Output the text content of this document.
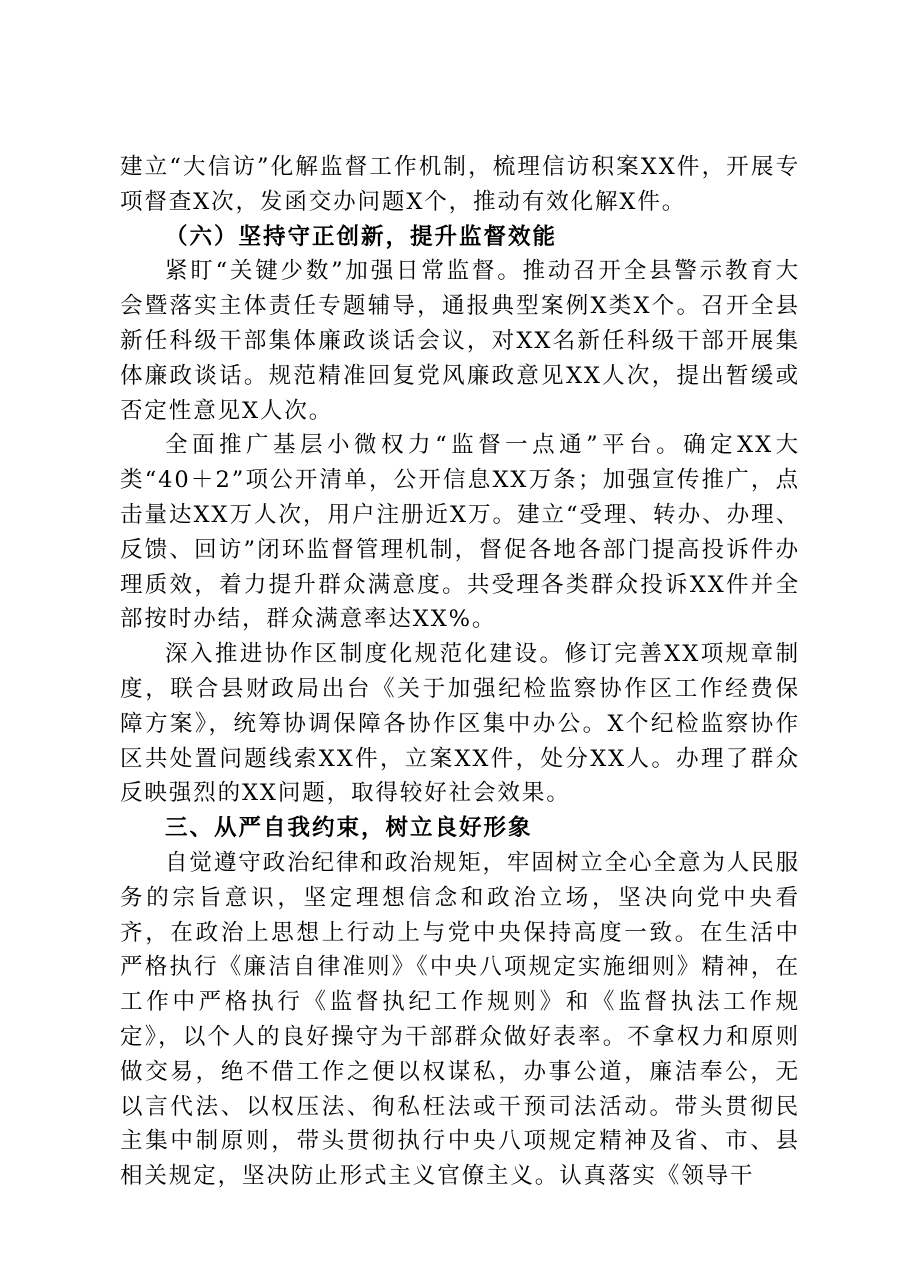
建立“大信访”化解监督工作机制，梳理信访积案XX件，开展专项督查X次，发函交办问题X个，推动有效化解X件。

（六）坚持守正创新，提升监督效能

紧盯“关键少数”加强日常监督。推动召开全县警示教育大会暨落实主体责任专题辅导，通报典型案例X类X个。召开全县新任科级干部集体廉政谈话会议，对XX名新任科级干部开展集体廉政谈话。规范精准回复党风廉政意见XX人次，提出暂缓或否定性意见X人次。

全面推广基层小微权力“监督一点通”平台。确定XX大类“40＋2”项公开清单，公开信息XX万条；加强宣传推广，点击量达XX万人次，用户注册近X万。建立“受理、转办、办理、反馈、回访”闭环监督管理机制，督促各地各部门提高投诉件办理质效，着力提升群众满意度。共受理各类群众投诉XX件并全部按时办结，群众满意率达XX%。

深入推进协作区制度化规范化建设。修订完善XX项规章制度，联合县财政局出台《关于加强纪检监察协作区工作经费保障方案》，统筹协调保障各协作区集中办公。X个纪检监察协作区共处置问题线索XX件，立案XX件，处分XX人。办理了群众反映强烈的XX问题，取得较好社会效果。

三、从严自我约束，树立良好形象

自觉遵守政治纪律和政治规矩，牢固树立全心全意为人民服务的宗旨意识，坚定理想信念和政治立场，坚决向党中央看齐，在政治上思想上行动上与党中央保持高度一致。在生活中严格执行《廉洁自律准则》《中央八项规定实施细则》精神，在工作中严格执行《监督执纪工作规则》和《监督执法工作规定》，以个人的良好操守为干部群众做好表率。不拿权力和原则做交易，绝不借工作之便以权谋私，办事公道，廉洁奉公，无以言代法、以权压法、徇私枉法或干预司法活动。带头贯彻民主集中制原则，带头贯彻执行中央八项规定精神及省、市、县相关规定，坚决防止形式主义官僚主义。认真落实《领导干
